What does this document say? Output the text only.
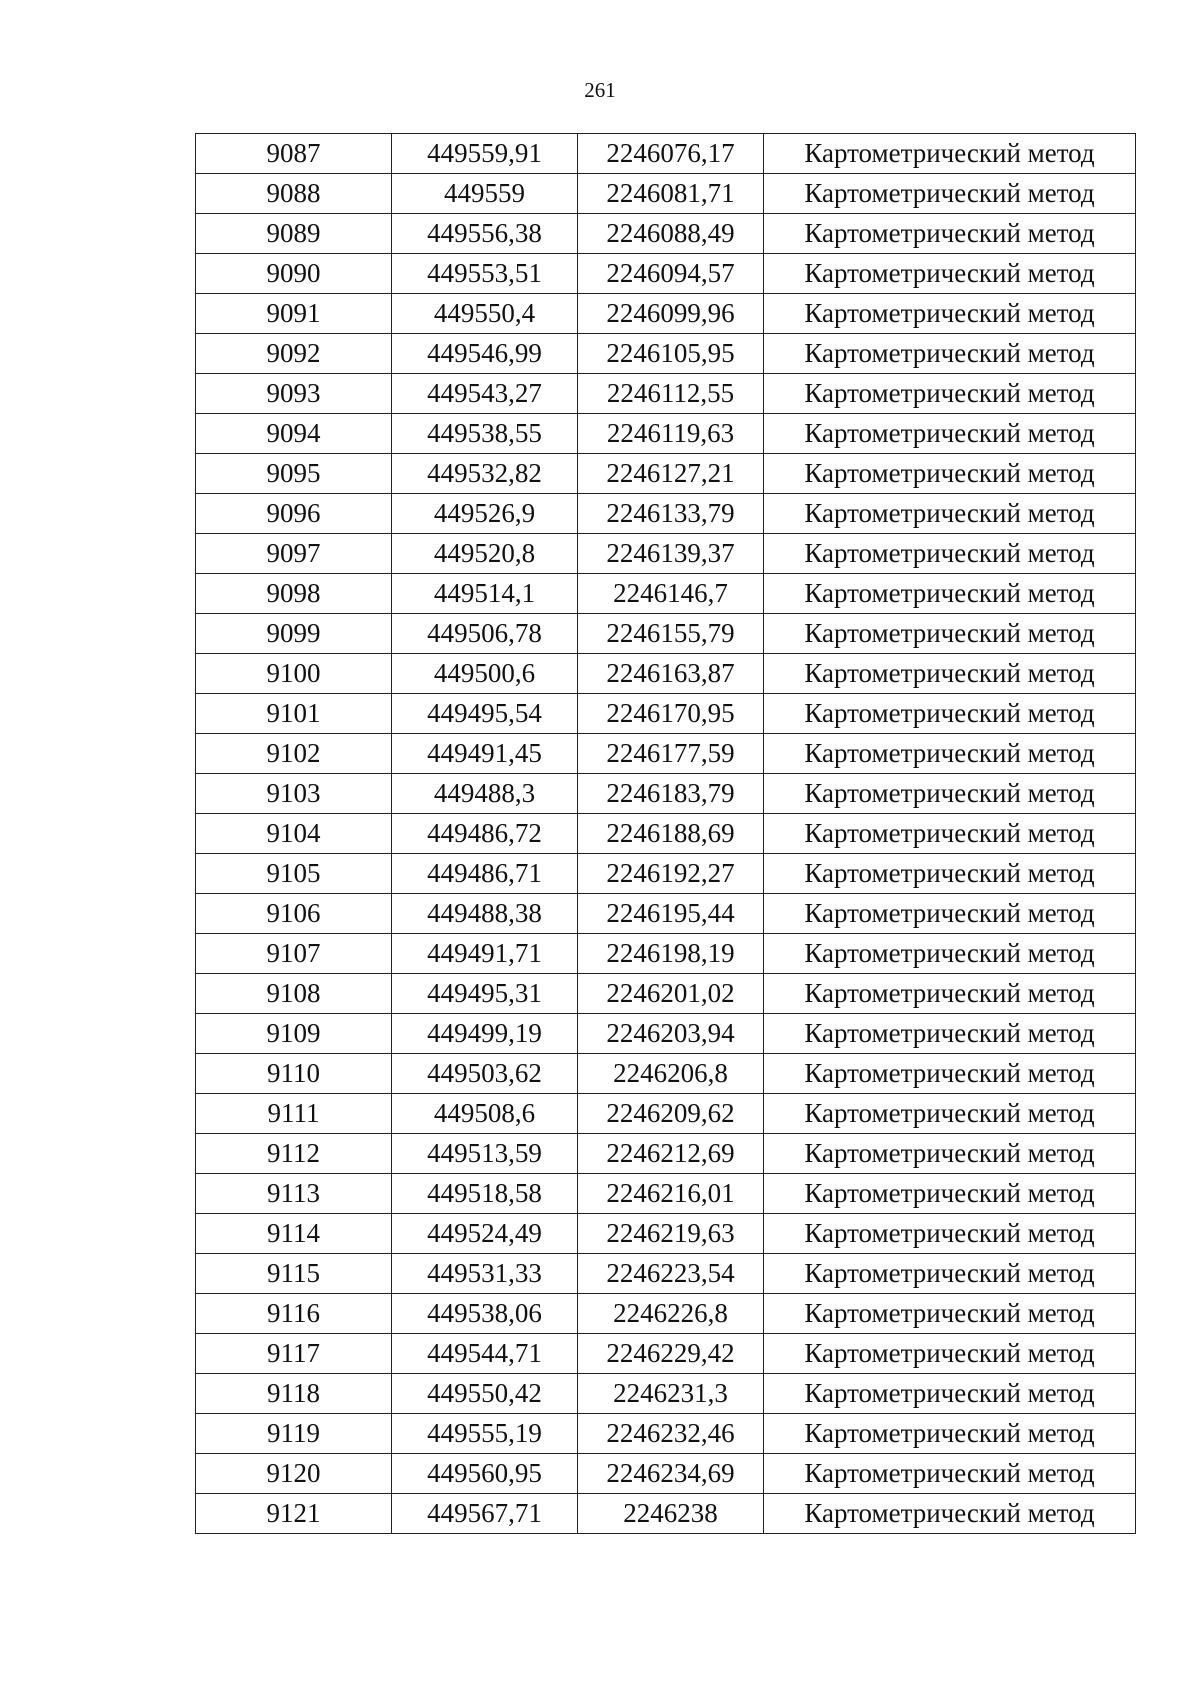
261
9087	449559,91	2246076,17	Картометрический метод
9088	449559	2246081,71	Картометрический метод
9089	449556,38	2246088,49	Картометрический метод
9090	449553,51	2246094,57	Картометрический метод
9091	449550,4	2246099,96	Картометрический метод
9092	449546,99	2246105,95	Картометрический метод
9093	449543,27	2246112,55	Картометрический метод
9094	449538,55	2246119,63	Картометрический метод
9095	449532,82	2246127,21	Картометрический метод
9096	449526,9	2246133,79	Картометрический метод
9097	449520,8	2246139,37	Картометрический метод
9098	449514,1	2246146,7	Картометрический метод
9099	449506,78	2246155,79	Картометрический метод
9100	449500,6	2246163,87	Картометрический метод
9101	449495,54	2246170,95	Картометрический метод
9102	449491,45	2246177,59	Картометрический метод
9103	449488,3	2246183,79	Картометрический метод
9104	449486,72	2246188,69	Картометрический метод
9105	449486,71	2246192,27	Картометрический метод
9106	449488,38	2246195,44	Картометрический метод
9107	449491,71	2246198,19	Картометрический метод
9108	449495,31	2246201,02	Картометрический метод
9109	449499,19	2246203,94	Картометрический метод
9110	449503,62	2246206,8	Картометрический метод
9111	449508,6	2246209,62	Картометрический метод
9112	449513,59	2246212,69	Картометрический метод
9113	449518,58	2246216,01	Картометрический метод
9114	449524,49	2246219,63	Картометрический метод
9115	449531,33	2246223,54	Картометрический метод
9116	449538,06	2246226,8	Картометрический метод
9117	449544,71	2246229,42	Картометрический метод
9118	449550,42	2246231,3	Картометрический метод
9119	449555,19	2246232,46	Картометрический метод
9120	449560,95	2246234,69	Картометрический метод
9121	449567,71	2246238	Картометрический метод
